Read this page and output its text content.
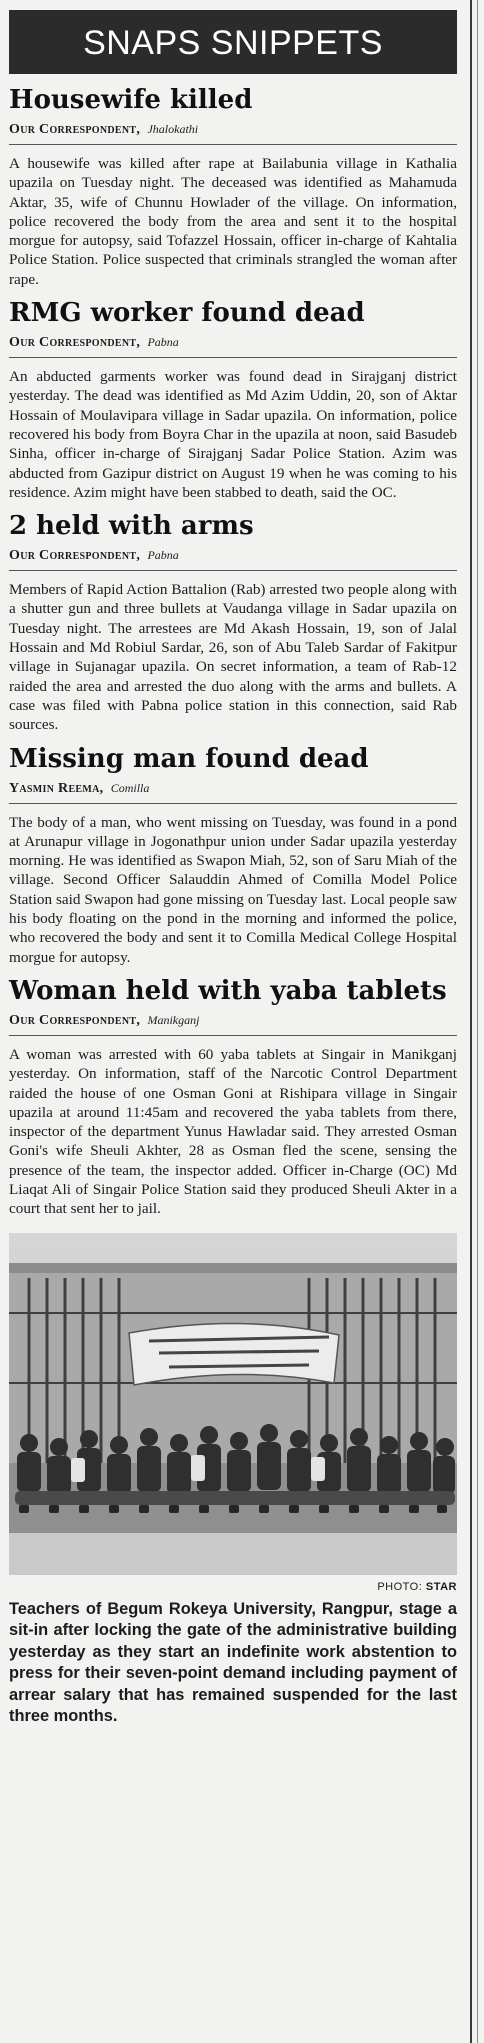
SNAPS SNIPPETS
Housewife killed
Our Correspondent, Jhalokathi

A housewife was killed after rape at Bailabunia village in Kathalia upazila on Tuesday night. The deceased was identified as Mahamuda Aktar, 35, wife of Chunnu Howlader of the village. On information, police recovered the body from the area and sent it to the hospital morgue for autopsy, said Tofazzel Hossain, officer in-charge of Kahtalia Police Station. Police suspected that criminals strangled the woman after rape.

RMG worker found dead
Our Correspondent, Pabna

An abducted garments worker was found dead in Sirajganj district yesterday. The dead was identified as Md Azim Uddin, 20, son of Aktar Hossain of Moulavipara village in Sadar upazila. On information, police recovered his body from Boyra Char in the upazila at noon, said Basudeb Sinha, officer in-charge of Sirajganj Sadar Police Station. Azim was abducted from Gazipur district on August 19 when he was coming to his residence. Azim might have been stabbed to death, said the OC.

2 held with arms
Our Correspondent, Pabna

Members of Rapid Action Battalion (Rab) arrested two people along with a shutter gun and three bullets at Vaudanga village in Sadar upazila on Tuesday night. The arrestees are Md Akash Hossain, 19, son of Jalal Hossain and Md Robiul Sardar, 26, son of Abu Taleb Sardar of Fakitpur village in Sujanagar upazila. On secret information, a team of Rab-12 raided the area and arrested the duo along with the arms and bullets. A case was filed with Pabna police station in this connection, said Rab sources.

Missing man found dead
Yasmin Reema, Comilla

The body of a man, who went missing on Tuesday, was found in a pond at Arunapur village in Jogonathpur union under Sadar upazila yesterday morning. He was identified as Swapon Miah, 52, son of Saru Miah of the village. Second Officer Salauddin Ahmed of Comilla Model Police Station said Swapon had gone missing on Tuesday last. Local people saw his body floating on the pond in the morning and informed the police, who recovered the body and sent it to Comilla Medical College Hospital morgue for autopsy.

Woman held with yaba tablets
Our Correspondent, Manikganj

A woman was arrested with 60 yaba tablets at Singair in Manikganj yesterday. On information, staff of the Narcotic Control Department raided the house of one Osman Goni at Rishipara village in Singair upazila at around 11:45am and recovered the yaba tablets from there, inspector of the department Yunus Hawladar said. They arrested Osman Goni's wife Sheuli Akhter, 28 as Osman fled the scene, sensing the presence of the team, the inspector added. Officer in-Charge (OC) Md Liaqat Ali of Singair Police Station said they produced Sheuli Akter in a court that sent her to jail.

PHOTO: STAR

Teachers of Begum Rokeya University, Rangpur, stage a sit-in after locking the gate of the administrative building yesterday as they start an indefinite work abstention to press for their seven-point demand including payment of arrear salary that has remained suspended for the last three months.
